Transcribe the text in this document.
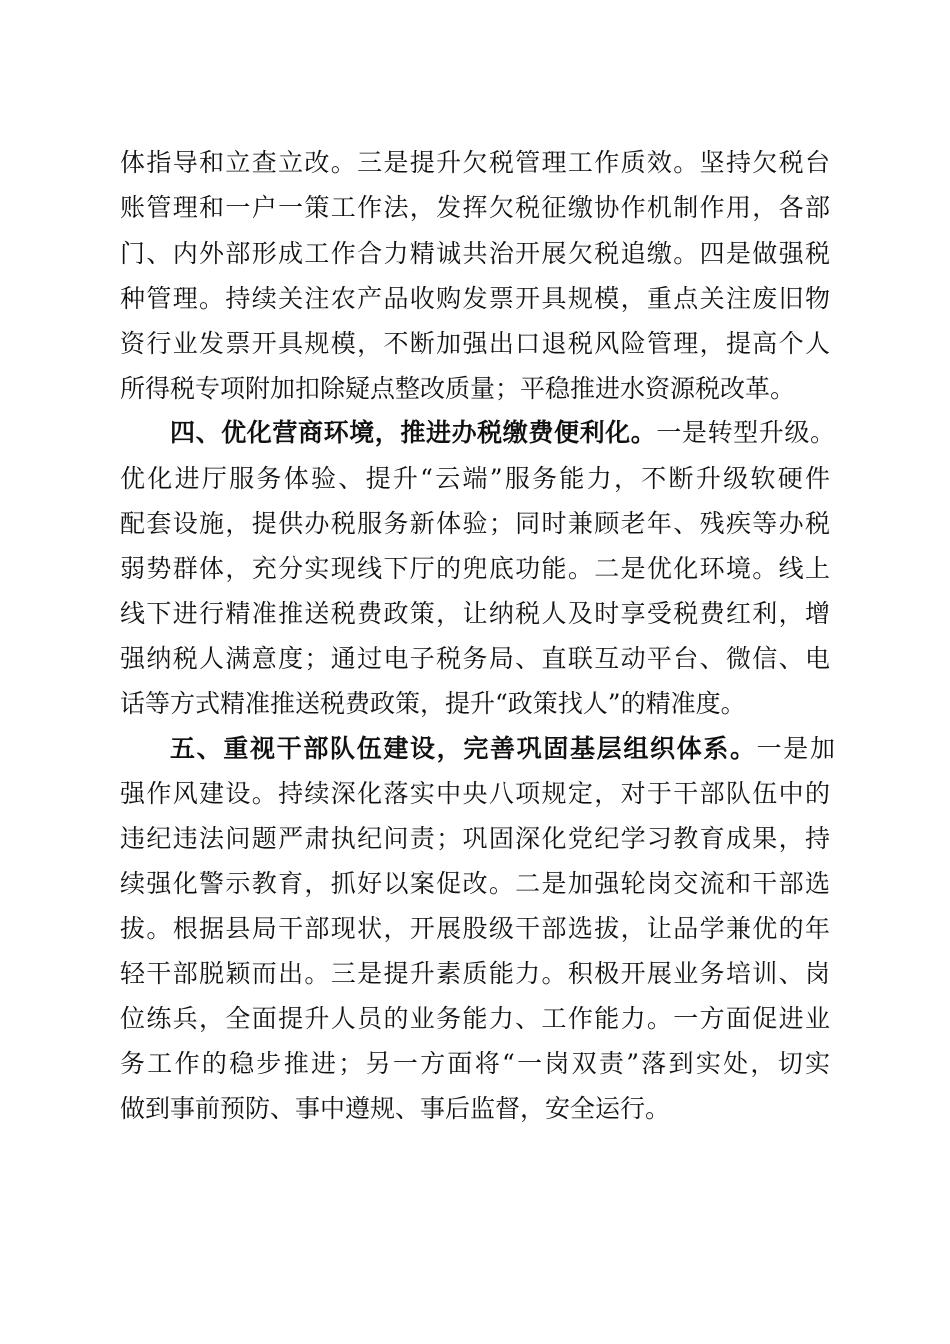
体指导和立查立改。三是提升欠税管理工作质效。坚持欠税台
账管理和一户一策工作法，发挥欠税征缴协作机制作用，各部
门、内外部形成工作合力精诚共治开展欠税追缴。四是做强税
种管理。持续关注农产品收购发票开具规模，重点关注废旧物
资行业发票开具规模，不断加强出口退税风险管理，提高个人
所得税专项附加扣除疑点整改质量；平稳推进水资源税改革。
四、优化营商环境，推进办税缴费便利化。一是转型升级。
优化进厅服务体验、提升“云端”服务能力，不断升级软硬件
配套设施，提供办税服务新体验；同时兼顾老年、残疾等办税
弱势群体，充分实现线下厅的兜底功能。二是优化环境。线上
线下进行精准推送税费政策，让纳税人及时享受税费红利，增
强纳税人满意度；通过电子税务局、直联互动平台、微信、电
话等方式精准推送税费政策，提升“政策找人”的精准度。
五、重视干部队伍建设，完善巩固基层组织体系。一是加
强作风建设。持续深化落实中央八项规定，对于干部队伍中的
违纪违法问题严肃执纪问责；巩固深化党纪学习教育成果，持
续强化警示教育，抓好以案促改。二是加强轮岗交流和干部选
拔。根据县局干部现状，开展股级干部选拔，让品学兼优的年
轻干部脱颖而出。三是提升素质能力。积极开展业务培训、岗
位练兵，全面提升人员的业务能力、工作能力。一方面促进业
务工作的稳步推进；另一方面将“一岗双责”落到实处，切实
做到事前预防、事中遵规、事后监督，安全运行。
